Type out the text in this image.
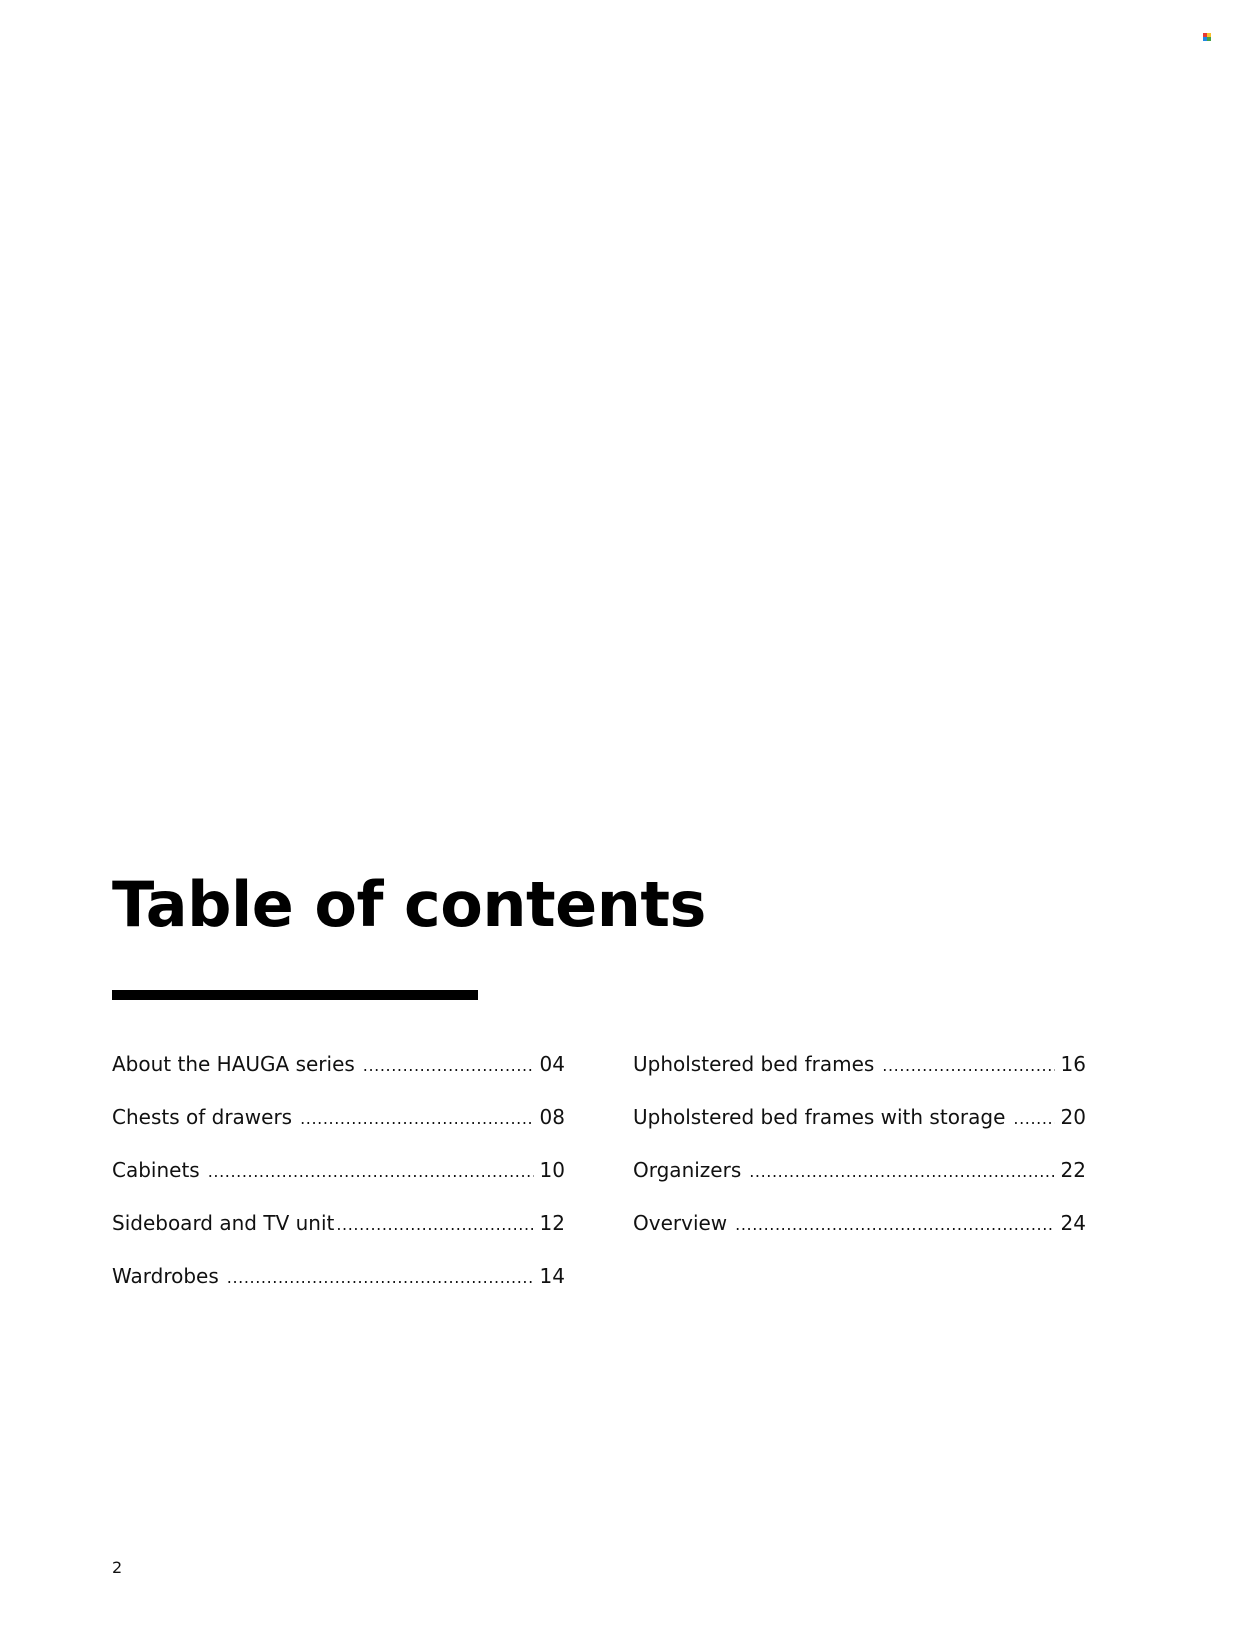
Table of contents
About the HAUGA series .....	04
Chests of drawers .....	08
Cabinets .....	10
Sideboard and TV unit .....	12
Wardrobes .....	14
Upholstered bed frames .....	16
Upholstered bed frames with storage .....	20
Organizers .....	22
Overview .....	24
2
